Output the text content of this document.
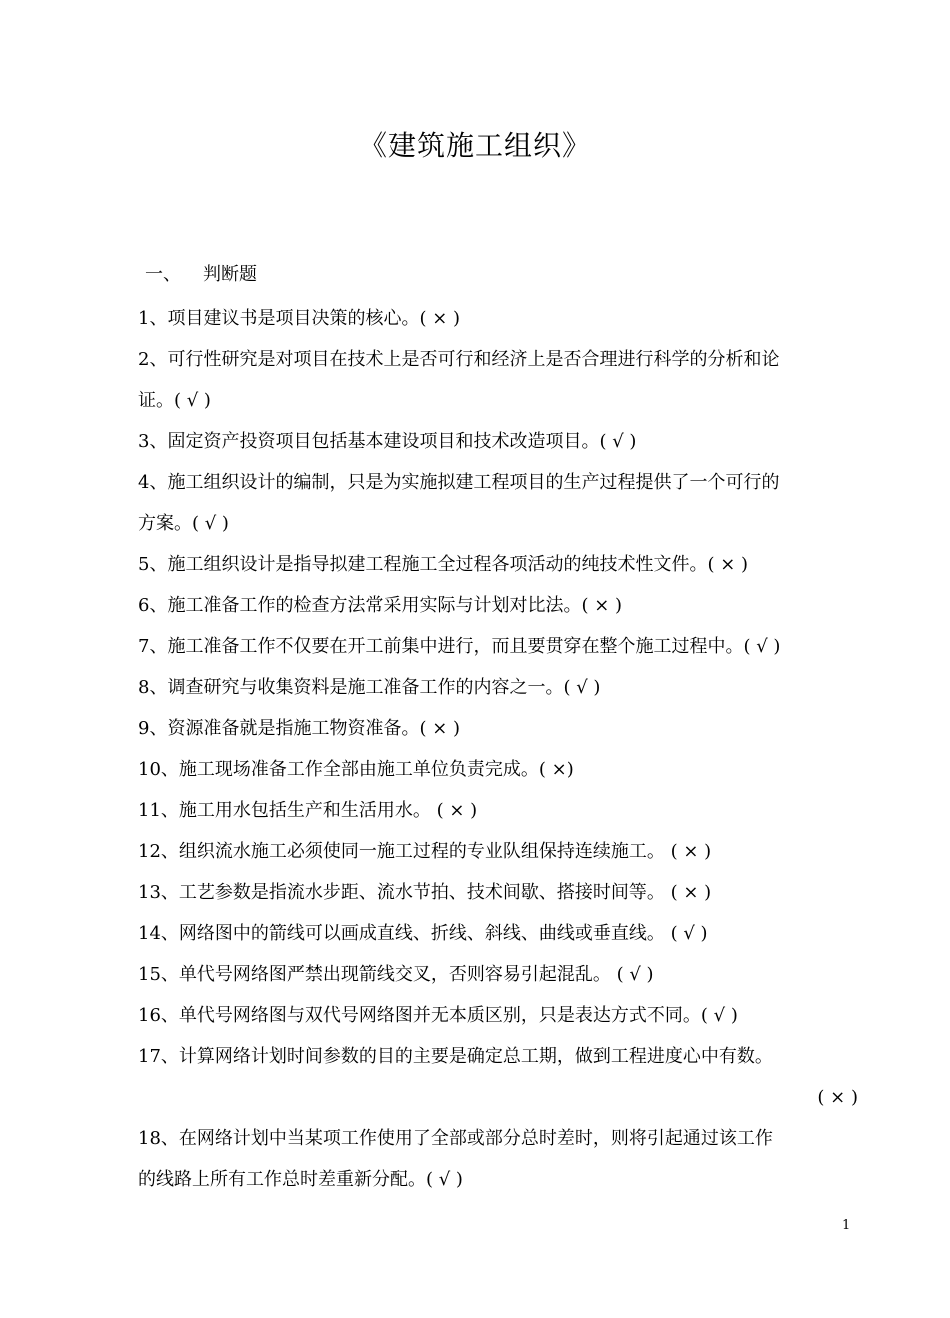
《建筑施工组织》
一、 判断题
1、项目建议书是项目决策的核心。( × )
2、可行性研究是对项目在技术上是否可行和经济上是否合理进行科学的分析和论
证。( √ )
3、固定资产投资项目包括基本建设项目和技术改造项目。( √ )
4、施工组织设计的编制，只是为实施拟建工程项目的生产过程提供了一个可行的
方案。( √ )
5、施工组织设计是指导拟建工程施工全过程各项活动的纯技术性文件。( × )
6、施工准备工作的检查方法常采用实际与计划对比法。( × )
7、施工准备工作不仅要在开工前集中进行，而且要贯穿在整个施工过程中。( √ )
8、调查研究与收集资料是施工准备工作的内容之一。( √ )
9、资源准备就是指施工物资准备。( × )
10、施工现场准备工作全部由施工单位负责完成。( ×)
11、施工用水包括生产和生活用水。 ( × )
12、组织流水施工必须使同一施工过程的专业队组保持连续施工。 ( × )
13、工艺参数是指流水步距、流水节拍、技术间歇、搭接时间等。 ( × )
14、网络图中的箭线可以画成直线、折线、斜线、曲线或垂直线。 ( √ )
15、单代号网络图严禁出现箭线交叉，否则容易引起混乱。 ( √ )
16、单代号网络图与双代号网络图并无本质区别，只是表达方式不同。( √ )
17、计算网络计划时间参数的目的主要是确定总工期，做到工程进度心中有数。
( × )
18、在网络计划中当某项工作使用了全部或部分总时差时，则将引起通过该工作
的线路上所有工作总时差重新分配。( √ )
1
